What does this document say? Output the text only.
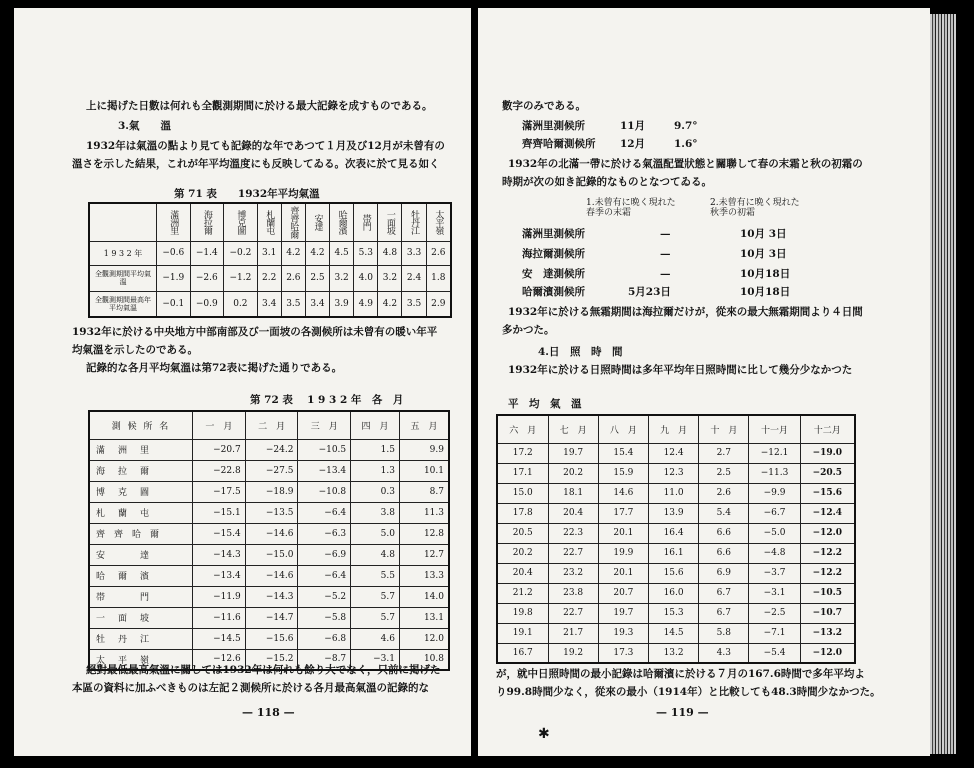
上に掲げた日數は何れも全觀測期間に於ける最大記錄を成すものである。
3.氣　　溫
1932年は氣溫の點より見ても記錄的な年であつて１月及び12月が未曾有の
溫さを示した結果，これが年平均溫度にも反映してゐる。次表に於て見る如く
第 71 表　　1932年平均氣溫

	滿洲里	海拉爾	博克圖	札蘭屯	齊齊哈爾	安達	哈爾濱	帯門	一面坡	牡丹江	太平嶺

1 9 3 2 年	−0.6	−1.4	−0.2	3.1	4.2	4.2	4.5	5.3	4.8	3.3	2.6
全觀測期間平均氣溫	−1.9	−2.6	−1.2	2.2	2.6	2.5	3.2	4.0	3.2	2.4	1.8
全觀測期間最高年平均氣溫	−0.1	−0.9	0.2	3.4	3.5	3.4	3.9	4.9	4.2	3.5	2.9
1932年に於ける中央地方中部南部及び一面坡の各測候所は未曾有の暖い年平
均氣溫を示したのである。
記錄的な各月平均氣溫は第72表に掲げた通りである。
第 72 表　 1 9 3 2 年　各　月
測 候 所 名	一　月	二　月	三　月	四　月	五　月
滿　洲　里	−20.7	−24.2	−10.5	1.5	9.9
海　拉　爾	−22.8	−27.5	−13.4	1.3	10.1
博　克　圖	−17.5	−18.9	−10.8	0.3	8.7
札　蘭　屯	−15.1	−13.5	−6.4	3.8	11.3
齊　齊　哈　爾	−15.4	−14.6	−6.3	5.0	12.8
安　　　達	−14.3	−15.0	−6.9	4.8	12.7
哈　爾　濱	−13.4	−14.6	−6.4	5.5	13.3
帯　　　門	−11.9	−14.3	−5.2	5.7	14.0
一　面　坡	−11.6	−14.7	−5.8	5.7	13.1
牡　丹　江	−14.5	−15.6	−6.8	4.6	12.0
太　平　嶺	−12.6	−15.2	−8.7	−3.1	10.8
絕對最低最高氣溫に關しては1932年は何れも餘り大でなく，只前に掲げた
本區の資料に加ふべきものは左記２測候所に於ける各月最高氣溫の記錄的な
— 118 —
數字のみである。
滿洲里測候所	11月	9.7°
齊齊哈爾測候所 12月	1.6°
1932年の北滿一帶に於ける氣溫配置狀態と關聯して春の末霜と秋の初霜の
時期が次の如き記錄的なものとなつてゐる。
1.未曾有に晩く現れた春季の末霜
2.未曾有に晩く現れた秋季の初霜
滿洲里測候所	—	10月 3日
海拉爾測候所	—	10月 3日
安　達測候所	—	10月18日
哈爾濱測候所	5月23日	10月18日
1932年に於ける無霜期間は海拉爾だけが，從來の最大無霜期間より４日間
多かつた。
4.日　照　時　間
1932年に於ける日照時間は多年平均年日照時間に比して幾分少なかつた
平　均　氣　溫
六　月	七　月	八　月	九　月	十　月	十一月	十二月
17.2	19.7	15.4	12.4	2.7	−12.1	−19.0
17.1	20.2	15.9	12.3	2.5	−11.3	−20.5
15.0	18.1	14.6	11.0	2.6	−9.9	−15.6
17.8	20.4	17.7	13.9	5.4	−6.7	−12.4
20.5	22.3	20.1	16.4	6.6	−5.0	−12.0
20.2	22.7	19.9	16.1	6.6	−4.8	−12.2
20.4	23.2	20.1	15.6	6.9	−3.7	−12.2
21.2	23.8	20.7	16.0	6.7	−3.1	−10.5
19.8	22.7	19.7	15.3	6.7	−2.5	−10.7
19.1	21.7	19.3	14.5	5.8	−7.1	−13.2
16.7	19.2	17.3	13.2	4.3	−5.4	−12.0
が，就中日照時間の最小記錄は哈爾濱に於ける７月の167.6時間で多年平均よ
り99.8時間少なく，從來の最小（1914年）と比較しても48.3時間少なかつた。
— 119 —
✱
